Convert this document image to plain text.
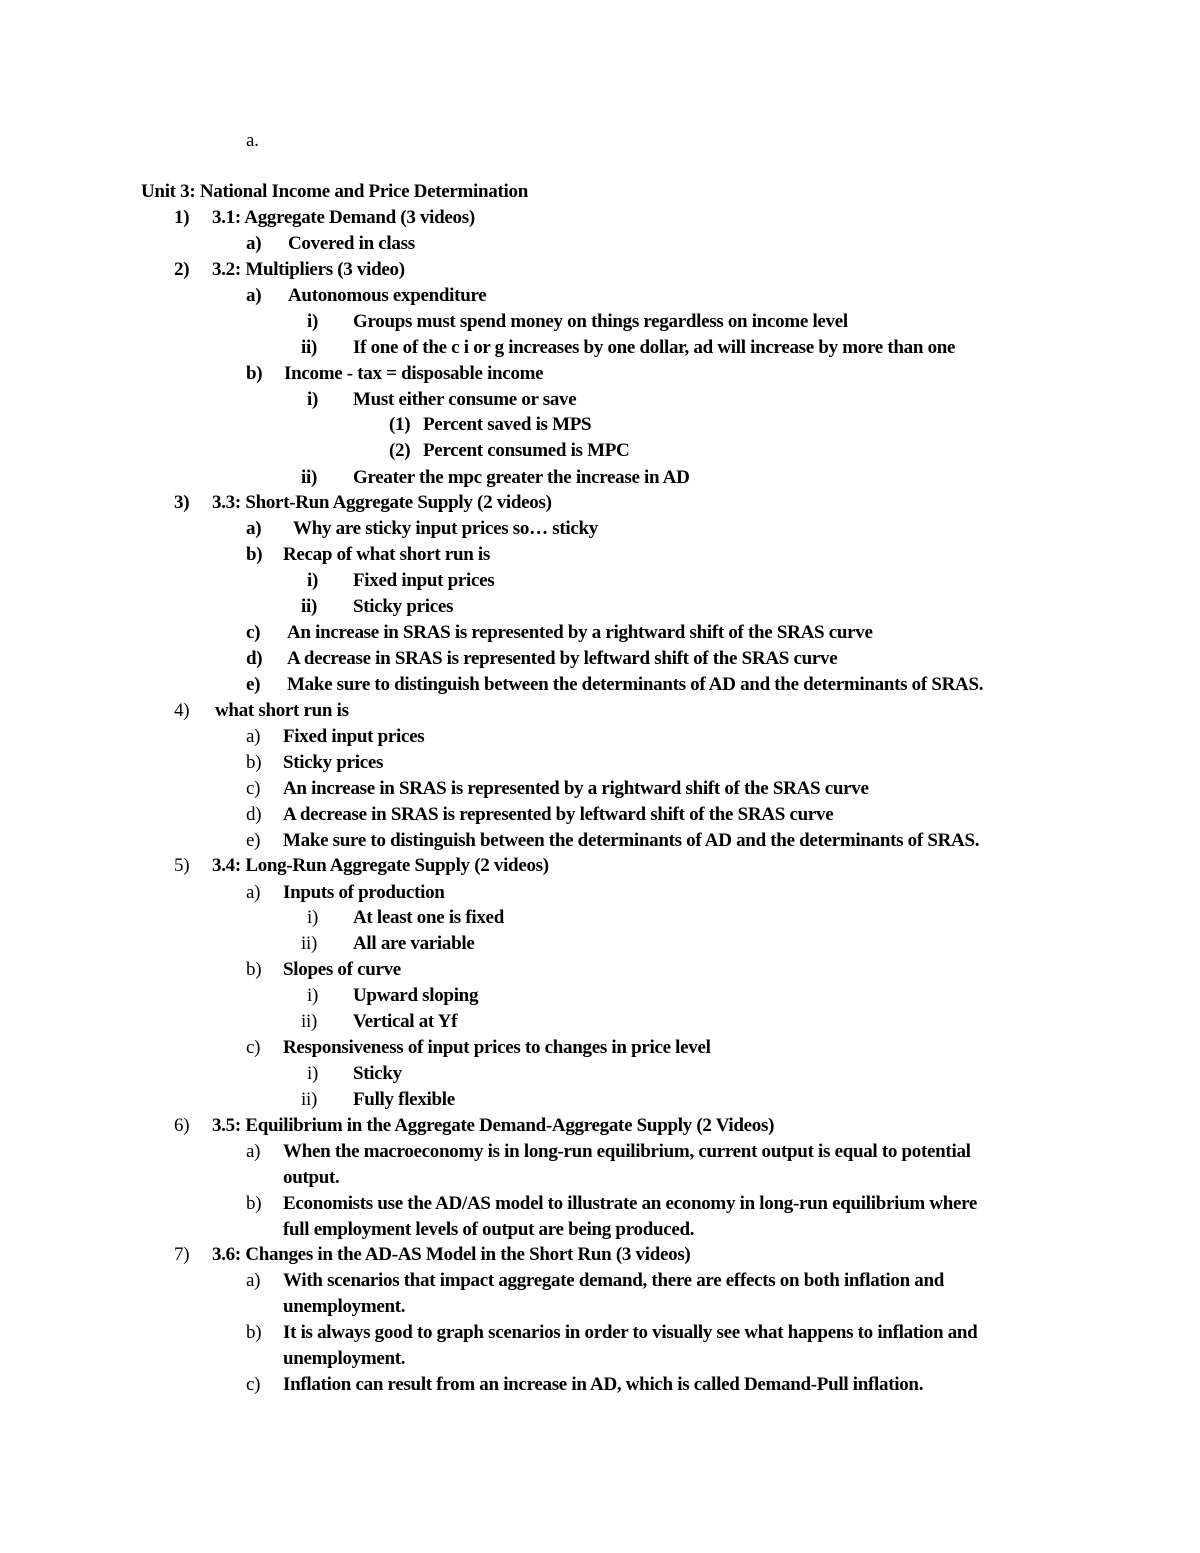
a.
Unit 3: National Income and Price Determination
1) 3.1: Aggregate Demand (3 videos)
a) Covered in class
2) 3.2: Multipliers (3 video)
a) Autonomous expenditure
i) Groups must spend money on things regardless on income level
ii) If one of the c i or g increases by one dollar, ad will increase by more than one
b) Income - tax = disposable income
i) Must either consume or save
(1) Percent saved is MPS
(2) Percent consumed is MPC
ii) Greater the mpc greater the increase in AD
3) 3.3: Short-Run Aggregate Supply (2 videos)
a) Why are sticky input prices so… sticky
b) Recap of what short run is
i) Fixed input prices
ii) Sticky prices
c) An increase in SRAS is represented by a rightward shift of the SRAS curve
d) A decrease in SRAS is represented by leftward shift of the SRAS curve
e) Make sure to distinguish between the determinants of AD and the determinants of SRAS.
4) what short run is
a) Fixed input prices
b) Sticky prices
c) An increase in SRAS is represented by a rightward shift of the SRAS curve
d) A decrease in SRAS is represented by leftward shift of the SRAS curve
e) Make sure to distinguish between the determinants of AD and the determinants of SRAS.
5) 3.4: Long-Run Aggregate Supply (2 videos)
a) Inputs of production
i) At least one is fixed
ii) All are variable
b) Slopes of curve
i) Upward sloping
ii) Vertical at Yf
c) Responsiveness of input prices to changes in price level
i) Sticky
ii) Fully flexible
6) 3.5: Equilibrium in the Aggregate Demand-Aggregate Supply (2 Videos)
a) When the macroeconomy is in long-run equilibrium, current output is equal to potential
output.
b) Economists use the AD/AS model to illustrate an economy in long-run equilibrium where
full employment levels of output are being produced.
7) 3.6: Changes in the AD-AS Model in the Short Run (3 videos)
a) With scenarios that impact aggregate demand, there are effects on both inflation and
unemployment.
b) It is always good to graph scenarios in order to visually see what happens to inflation and
unemployment.
c) Inflation can result from an increase in AD, which is called Demand-Pull inflation.
